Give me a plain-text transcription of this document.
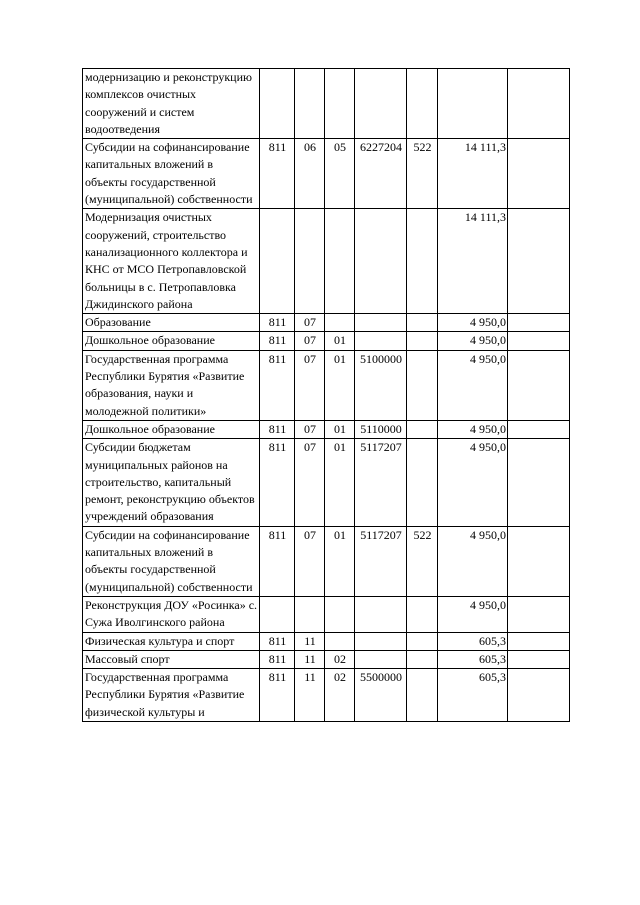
модернизацию и реконструкцию комплексов очистных сооружений и систем водоотведения							
Субсидии на софинансирование капитальных вложений в объекты государственной (муниципальной) собственности	811	06	05	6227204	522	14 111,3	
Модернизация очистных сооружений, строительство канализационного коллектора и КНС от МСО Петропавловской больницы в с. Петропавловка Джидинского района						14 111,3	
Образование	811	07				4 950,0	
Дошкольное образование	811	07	01			4 950,0	
Государственная программа Республики Бурятия «Развитие образования, науки и молодежной политики»	811	07	01	5100000		4 950,0	
Дошкольное образование	811	07	01	5110000		4 950,0	
Субсидии бюджетам муниципальных районов на строительство, капитальный ремонт, реконструкцию объектов учреждений образования	811	07	01	5117207		4 950,0	
Субсидии на софинансирование капитальных вложений в объекты государственной (муниципальной) собственности	811	07	01	5117207	522	4 950,0	
Реконструкция ДОУ «Росинка» с. Сужа Иволгинского района						4 950,0	
Физическая культура и спорт	811	11				605,3	
Массовый спорт	811	11	02			605,3	
Государственная программа Республики Бурятия «Развитие физической культуры и	811	11	02	5500000		605,3	
